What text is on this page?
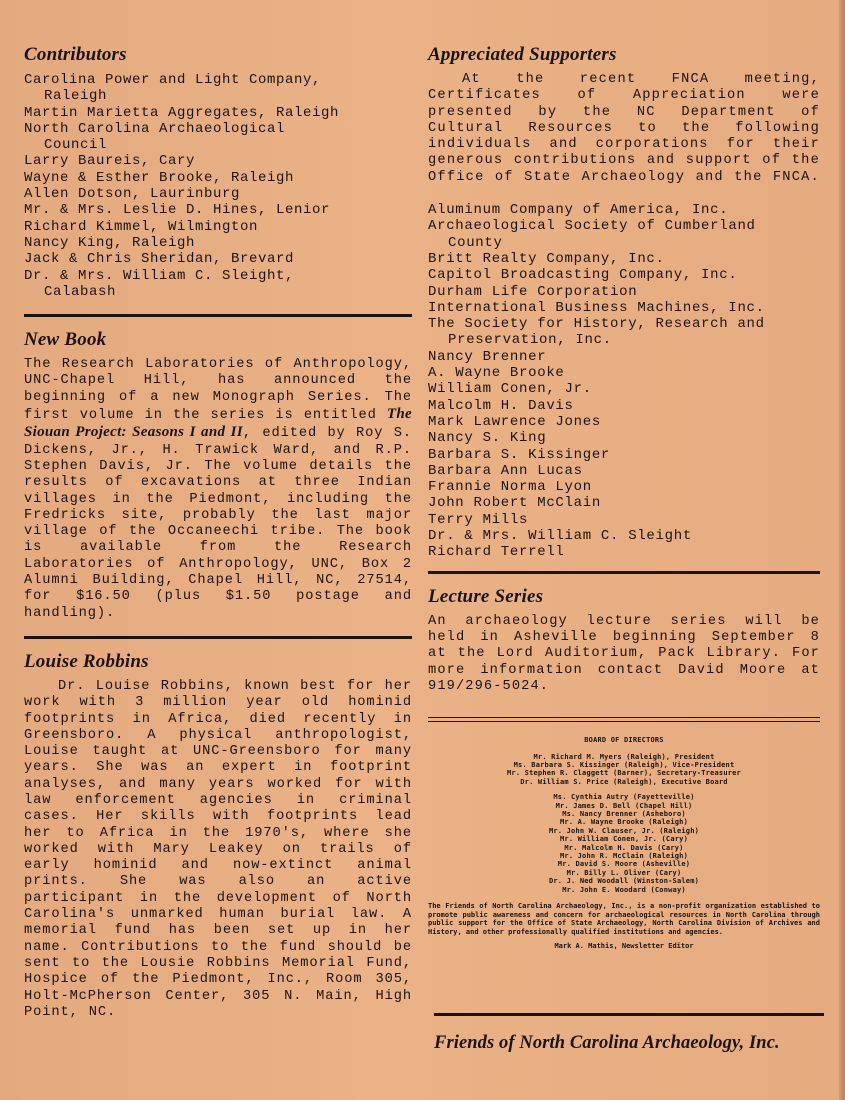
Contributors
Carolina Power and Light Company,
Raleigh
Martin Marietta Aggregates, Raleigh
North Carolina Archaeological
Council
Larry Baureis, Cary
Wayne & Esther Brooke, Raleigh
Allen Dotson, Laurinburg
Mr. & Mrs. Leslie D. Hines, Lenior
Richard Kimmel, Wilmington
Nancy King, Raleigh
Jack & Chris Sheridan, Brevard
Dr. & Mrs. William C. Sleight,
Calabash
New Book

The Research Laboratories of Anthropology, UNC-Chapel Hill, has announced the beginning of a new Monograph Series. The first volume in the series is entitled The Siouan Project: Seasons I and II, edited by Roy S. Dickens, Jr., H. Trawick Ward, and R.P. Stephen Davis, Jr. The volume details the results of excavations at three Indian villages in the Piedmont, including the Fredricks site, probably the last major village of the Occaneechi tribe. The book is available from the Research Laboratories of Anthropology, UNC, Box 2 Alumni Building, Chapel Hill, NC, 27514, for $16.50 (plus $1.50 postage and handling).

Louise Robbins

Dr. Louise Robbins, known best for her work with 3 million year old hominid footprints in Africa, died recently in Greensboro. A physical anthropologist, Louise taught at UNC-Greensboro for many years. She was an expert in footprint analyses, and many years worked for with law enforcement agencies in criminal cases. Her skills with footprints lead her to Africa in the 1970's, where she worked with Mary Leakey on trails of early hominid and now-extinct animal prints. She was also an active participant in the development of North Carolina's unmarked human burial law. A memorial fund has been set up in her name. Contributions to the fund should be sent to the Lousie Robbins Memorial Fund, Hospice of the Piedmont, Inc., Room 305, Holt-McPherson Center, 305 N. Main, High Point, NC.

Appreciated Supporters

At the recent FNCA meeting, Certificates of Appreciation were presented by the NC Department of Cultural Resources to the following individuals and corporations for their generous contributions and support of the Office of State Archaeology and the FNCA.

Aluminum Company of America, Inc.
Archaeological Society of Cumberland
County
Britt Realty Company, Inc.
Capitol Broadcasting Company, Inc.
Durham Life Corporation
International Business Machines, Inc.
The Society for History, Research and
Preservation, Inc.
Nancy Brenner
A. Wayne Brooke
William Conen, Jr.
Malcolm H. Davis
Mark Lawrence Jones
Nancy S. King
Barbara S. Kissinger
Barbara Ann Lucas
Frannie Norma Lyon
John Robert McClain
Terry Mills
Dr. & Mrs. William C. Sleight
Richard Terrell
Lecture Series

An archaeology lecture series will be held in Asheville beginning September 8 at the Lord Auditorium, Pack Library. For more information contact David Moore at 919/296-5024.

BOARD OF DIRECTORS
Mr. Richard M. Myers (Raleigh), President
Ms. Barbara S. Kissinger (Raleigh), Vice-President
Mr. Stephen R. Claggett (Barner), Secretary-Treasurer
Dr. William S. Price (Raleigh), Executive Board
Ms. Cynthia Autry (Fayetteville)
Mr. James D. Bell (Chapel Hill)
Ms. Nancy Brenner (Asheboro)
Mr. A. Wayne Brooke (Raleigh)
Mr. John W. Clauser, Jr. (Raleigh)
Mr. William Conen, Jr. (Cary)
Mr. Malcolm H. Davis (Cary)
Mr. John R. McClain (Raleigh)
Mr. David S. Moore (Asheville)
Mr. Billy L. Oliver (Cary)
Dr. J. Ned Woodall (Winston-Salem)
Mr. John E. Woodard (Conway)

The Friends of North Carolina Archaeology, Inc., is a non-profit organization established to promote public awareness and concern for archaeological resources in North Carolina through public support for the Office of State Archaeology, North Carolina Division of Archives and History, and other professionally qualified institutions and agencies.

Mark A. Mathis, Newsletter Editor
Friends of North Carolina Archaeology, Inc.
